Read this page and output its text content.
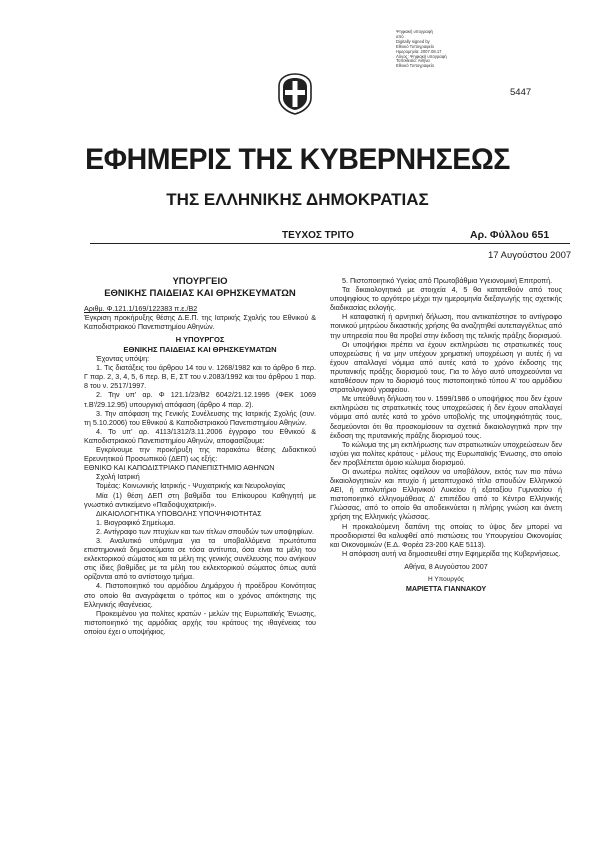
Ψηφιακή υπογραφή
από
Digitally signed by
Εθνικό Τυπογραφείο
Ημερομηνία: 2007.08.17
Λόγος: Ψηφιακή υπογραφή
Τοποθεσία: Αθήνα
Εθνικό Τυπογραφείο
5447
ΕΦΗΜΕΡΙΣ ΤΗΣ ΚΥΒΕΡΝΗΣΕΩΣ
ΤΗΣ ΕΛΛΗΝΙΚΗΣ ΔΗΜΟΚΡΑΤΙΑΣ
ΤΕΥΧΟΣ ΤΡΙΤΟ	Αρ. Φύλλου 651
17 Αυγούστου 2007

ΥΠΟΥΡΓΕΙΟ

ΕΘΝΙΚΗΣ ΠΑΙΔΕΙΑΣ ΚΑΙ ΘΡΗΣΚΕΥΜΑΤΩΝ

Αριθμ. Φ.121.1/169/122383 π.ε./Β2

Έγκριση προκήρυξης θέσης Δ.Ε.Π. της Ιατρικής Σχολής του Εθνικού & Καποδιστριακού Πανεπιστημίου Αθηνών.

Η ΥΠΟΥΡΓΟΣ

ΕΘΝΙΚΗΣ ΠΑΙΔΕΙΑΣ ΚΑΙ ΘΡΗΣΚΕΥΜΑΤΩΝ

Έχοντας υπόψη:

1. Τις διατάξεις του άρθρου 14 του ν. 1268/1982 και το άρθρο 6 περ. Γ παρ. 2, 3, 4, 5, 6 περ. Β, Ε, ΣΤ του ν.2083/1992 και του άρθρου 1 παρ. 8 του ν. 2517/1997.

2. Την υπ' αρ. Φ 121.1/23/Β2 6042/21.12.1995 (ΦΕΚ 1069 τ.Β'/29.12.95) υπουργική απόφαση (άρθρο 4 παρ. 2).

3. Την απόφαση της Γενικής Συνέλευσης της Ιατρικής Σχολής (συν. τη 5.10.2006) του Εθνικού & Καποδιστριακού Πανεπιστημίου Αθηνών.

4. Το υπ' αρ. 4113/1312/3.11.2006 έγγραφο του Εθνικού & Καποδιστριακού Πανεπιστημίου Αθηνών, αποφασίζουμε:

Εγκρίνουμε την προκήρυξη της παρακάτω θέσης Διδακτικού Ερευνητικού Προσωπικού (ΔΕΠ) ως εξής:

ΕΘΝΙΚΟ ΚΑΙ ΚΑΠΟΔΙΣΤΡΙΑΚΟ ΠΑΝΕΠΙΣΤΗΜΙΟ ΑΘΗΝΩΝ

Σχολή Ιατρική

Τομέας: Κοινωνικής Ιατρικής - Ψυχιατρικής και Νευρολογίας

Μία (1) θέση ΔΕΠ στη βαθμίδα του Επίκουρου Καθηγητή με γνωστικό αντικείμενο «Παιδοψυχιατρική».

ΔΙΚΑΙΟΛΟΓΗΤΙΚΑ ΥΠΟΒΟΛΗΣ ΥΠΟΨΗΦΙΟΤΗΤΑΣ

1. Βιογραφικό Σημείωμα.

2. Αντίγραφο των πτυχίων και των τίτλων σπουδών των υποψηφίων.

3. Αναλυτικό υπόμνημα για τα υποβαλλόμενα πρωτότυπα επιστημονικά δημοσιεύματα σε τόσα αντίτυπα, όσα είναι τα μέλη του εκλεκτορικού σώματος και τα μέλη της γενικής συνέλευσης που ανήκουν στις ίδιες βαθμίδες με τα μέλη του εκλεκτορικού σώματος όπως αυτά ορίζονται από το αντίστοιχο τμήμα.

4. Πιστοποιητικό του αρμόδιου Δημάρχου ή προέδρου Κοινότητας στο οποίο θα αναγράφεται ο τρόπος και ο χρόνος απόκτησης της Ελληνικής ιθαγένειας.

Προκειμένου για πολίτες κρατών - μελών της Ευρωπαϊκής Ένωσης, πιστοποιητικό της αρμόδιας αρχής του κράτους της ιθαγένειας του οποίου έχει ο υποψήφιος.

5. Πιστοποιητικό Υγείας από Πρωτοβάθμια Υγειονομική Επιτροπή.

Τα δικαιολογητικά με στοιχεία 4, 5 θα κατατεθούν από τους υποψηφίους το αργότερο μέχρι την ημερομηνία διεξαγωγής της σχετικής διαδικασίας εκλογής.

Η καταφατική ή αρνητική δήλωση, που αντικατέστησε το αντίγραφο ποινικού μητρώου δικαστικής χρήσης θα αναζητηθεί αυτεπαγγέλτως από την υπηρεσία που θα προβεί στην έκδοση της τελικής πράξης διορισμού.

Οι υποψήφιοι πρέπει να έχουν εκπληρώσει τις στρατιωτικές τους υποχρεώσεις ή να μην υπέχουν χρηματική υποχρέωση γι αυτές ή να έχουν απαλλαγεί νόμιμα από αυτές κατά το χρόνο έκδοσης της πρυτανικής πράξης διορισμού τους. Για το λόγο αυτό υποχρεούνται να καταθέσουν πριν το διορισμό τους πιστοποιητικό τύπου Α' του αρμόδιου στρατολογικού γραφείου.

Με υπεύθυνη δήλωση του ν. 1599/1986 ο υποψήφιος που δεν έχουν εκπληρώσει τις στρατιωτικές τους υποχρεώσεις ή δεν έχουν απαλλαγεί νόμιμα από αυτές κατά το χρόνο υποβολής της υποψηφιότητάς τους, δεσμεύονται ότι θα προσκομίσουν τα σχετικά δικαιολογητικά πριν την έκδοση της πρυτανικής πράξης διορισμού τους.

Το κώλυμα της μη εκπλήρωσης των στρατιωτικών υποχρεώσεων δεν ισχύει για πολίτες κράτους - μέλους της Ευρωπαϊκής Ένωσης, στο οποίο δεν προβλέπεται όμοιο κώλυμα διορισμού.

Οι ανωτέρω πολίτες οφείλουν να υποβάλουν, εκτός των πιο πάνω δικαιολογητικών και πτυχίο ή μεταπτυχιακό τίτλο σπουδών Ελληνικού ΑΕΙ, ή απολυτήριο Ελληνικού Λυκείου ή εξαταξίου Γυμνασίου ή πιστοποιητικό ελληνομάθειας Δ' επιπέδου από το Κέντρο Ελληνικής Γλώσσας, από το οποίο θα αποδεικνύεται η πλήρης γνώση και άνετη χρήση της Ελληνικής γλώσσας.

Η προκαλούμενη δαπάνη της οποίας το ύψος δεν μπορεί να προσδιοριστεί θα καλυφθεί από πιστώσεις του Υπουργείου Οικονομίας και Οικονομικών (Ε.Δ. Φορέα 23-200 ΚΑΕ 5113).

Η απόφαση αυτή να δημοσιευθεί στην Εφημερίδα της Κυβερνήσεως.

Αθήνα, 8 Αυγούστου 2007

Η Υπουργός

ΜΑΡΙΕΤΤΑ ΓΙΑΝΝΑΚΟΥ
